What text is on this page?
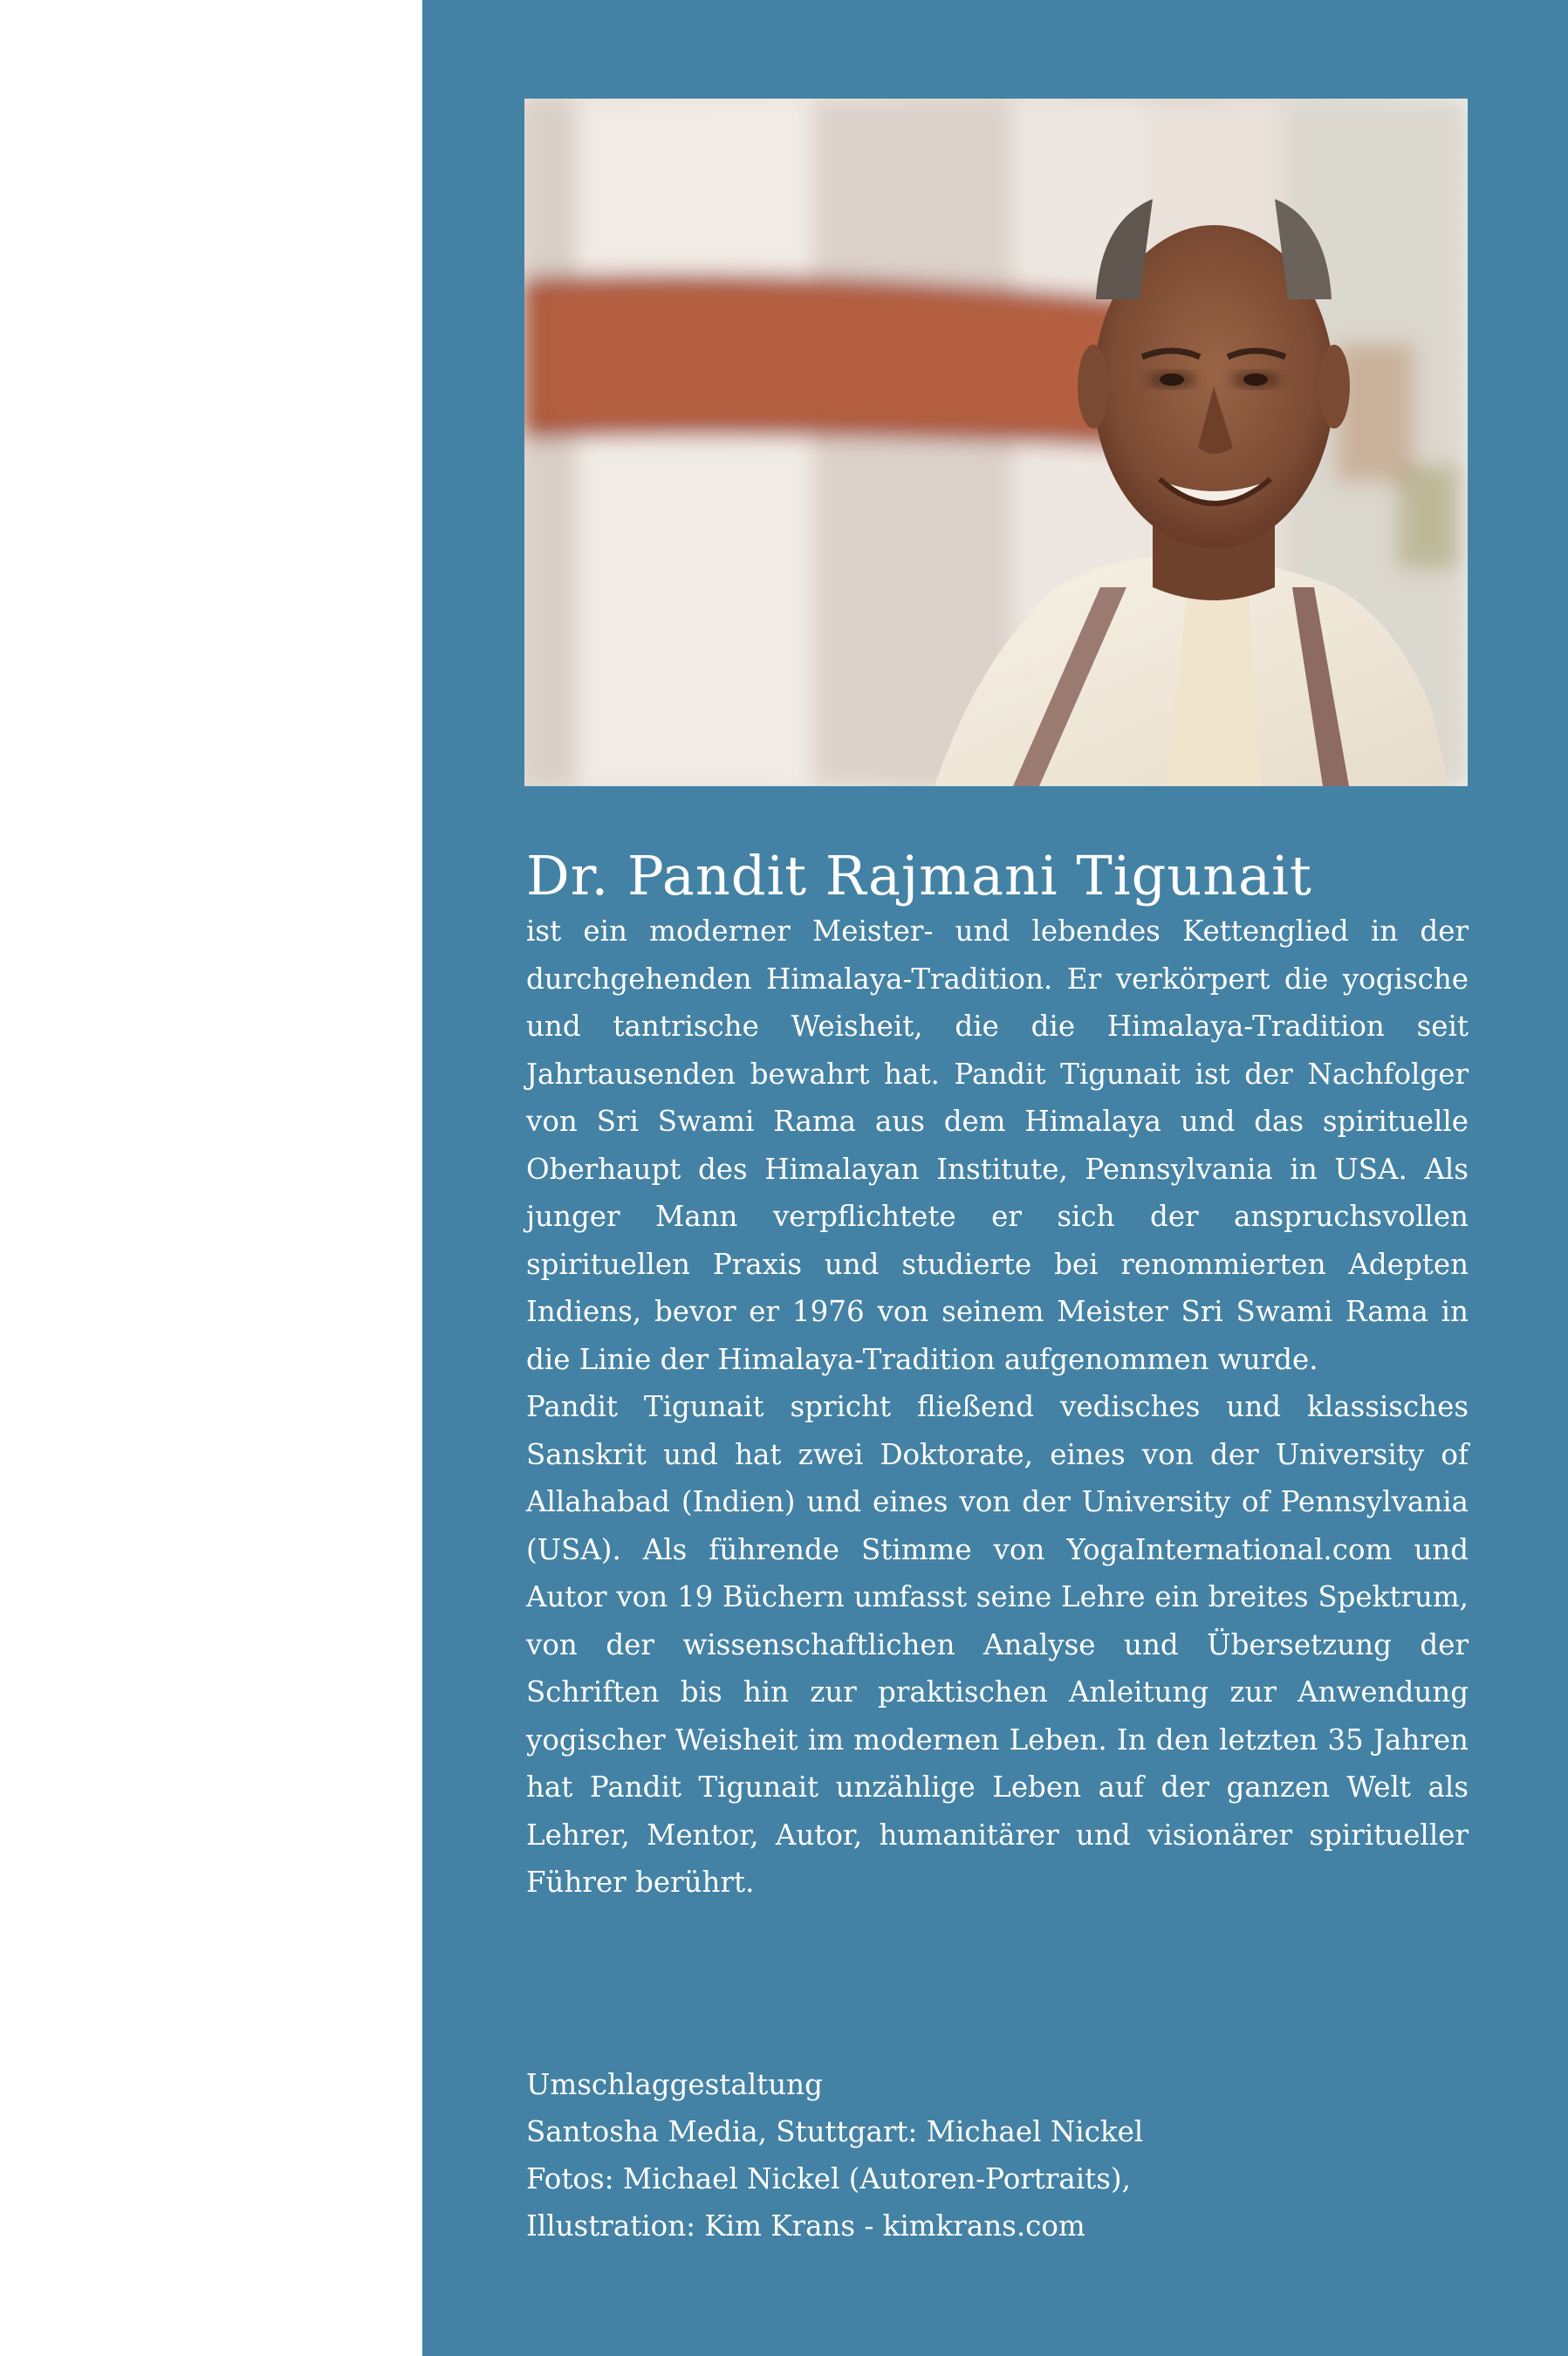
Dr. Pandit Rajmani Tigunait

ist ein moderner Meister- und lebendes Kettenglied in der durchgehenden Himalaya-Tradition. Er verkörpert die yogische und tantrische Weisheit, die die Himalaya-Tradition seit Jahrtausenden bewahrt hat. Pandit Tigunait ist der Nachfolger von Sri Swami Rama aus dem Himalaya und das spirituelle Oberhaupt des Himalayan Institute, Pennsylvania in USA. Als junger Mann verpflichtete er sich der anspruchsvollen spirituellen Praxis und studierte bei renommierten Adepten Indiens, bevor er 1976 von seinem Meister Sri Swami Rama in die Linie der Himalaya-Tradition aufgenommen wurde.

Pandit Tigunait spricht fließend vedisches und klassisches Sanskrit und hat zwei Doktorate, eines von der University of Allahabad (Indien) und eines von der University of Pennsylvania (USA). Als führende Stimme von YogaInternational.com und Autor von 19 Büchern umfasst seine Lehre ein breites Spektrum, von der wissenschaftlichen Analyse und Übersetzung der Schriften bis hin zur praktischen Anleitung zur Anwendung yogischer Weisheit im modernen Leben. In den letzten 35 Jahren hat Pandit Tigunait unzählige Leben auf der ganzen Welt als Lehrer, Mentor, Autor, humanitärer und visionärer spiritueller Führer berührt.

Umschlaggestaltung
Santosha Media, Stuttgart: Michael Nickel
Fotos: Michael Nickel (Autoren-Portraits),
Illustration: Kim Krans - kimkrans.com
